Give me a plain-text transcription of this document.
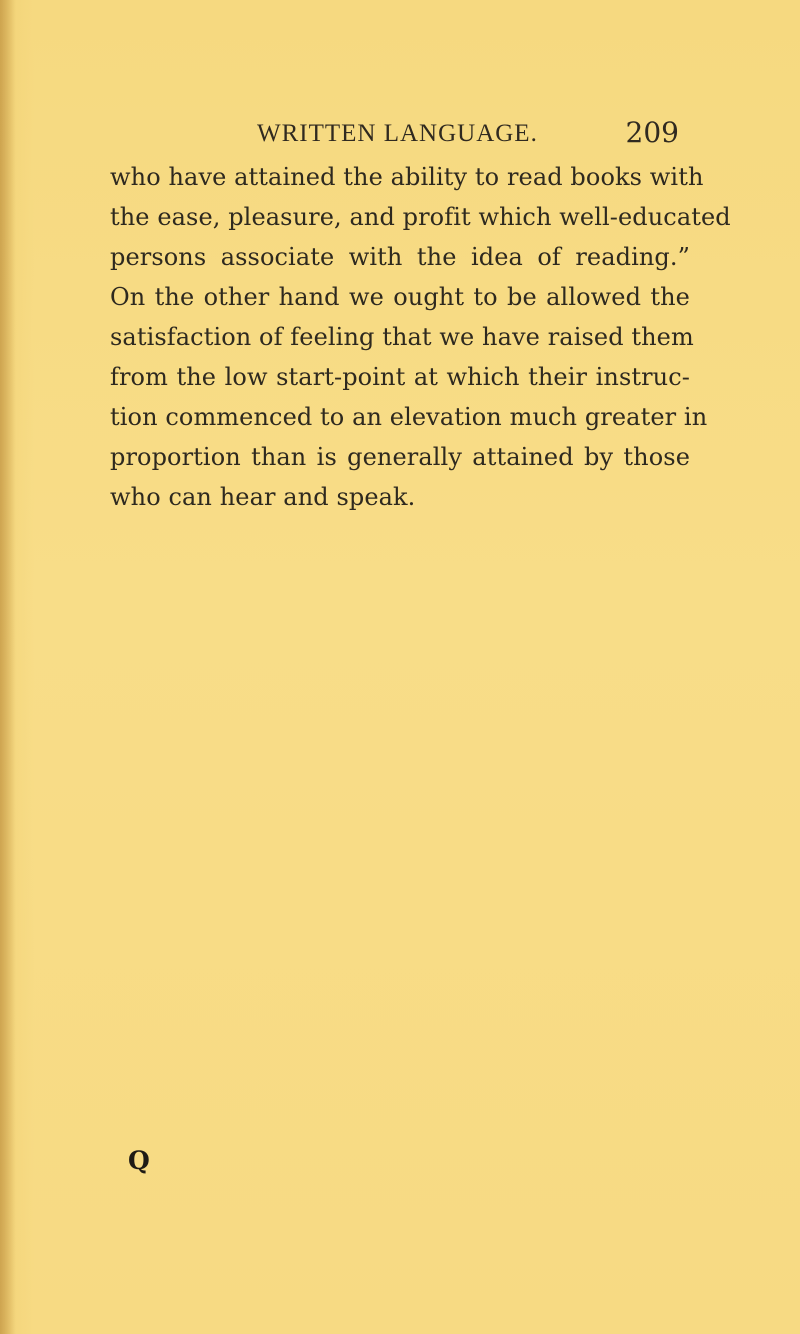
WRITTEN LANGUAGE.	209
who have attained the ability to read books with
the ease, pleasure, and profit which well-educated
persons associate with the idea of reading.”
On the other hand we ought to be allowed the
satisfaction of feeling that we have raised them
from the low start-point at which their instruc-
tion commenced to an elevation much greater in
proportion than is generally attained by those
who can hear and speak.
Q
